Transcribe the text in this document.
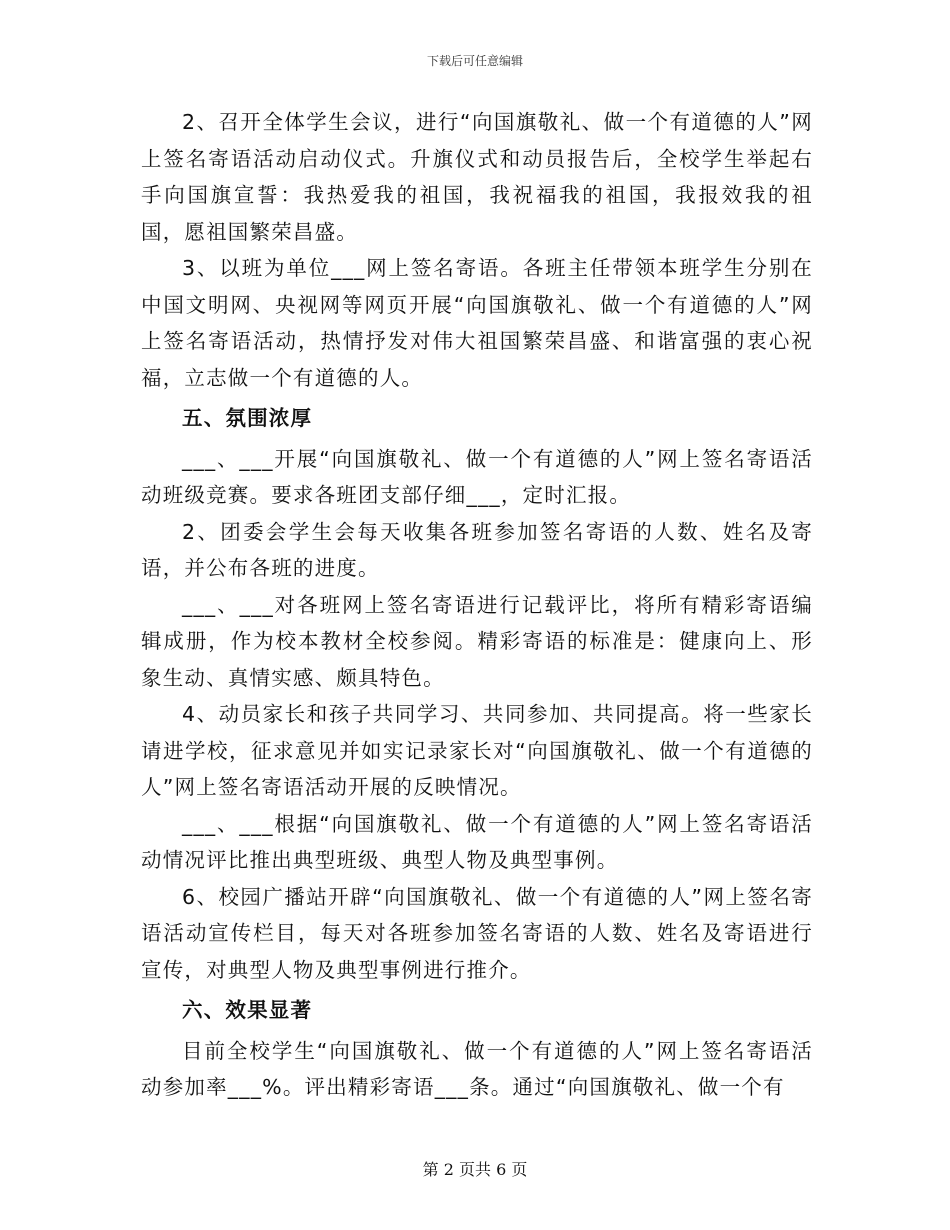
下载后可任意编辑

2、召开全体学生会议，进行“向国旗敬礼、做一个有道德的人”网上签名寄语活动启动仪式。升旗仪式和动员报告后，全校学生举起右手向国旗宣誓：我热爱我的祖国，我祝福我的祖国，我报效我的祖国，愿祖国繁荣昌盛。

3、以班为单位___网上签名寄语。各班主任带领本班学生分别在中国文明网、央视网等网页开展“向国旗敬礼、做一个有道德的人”网上签名寄语活动，热情抒发对伟大祖国繁荣昌盛、和谐富强的衷心祝福，立志做一个有道德的人。

五、氛围浓厚

___、___开展“向国旗敬礼、做一个有道德的人”网上签名寄语活动班级竞赛。要求各班团支部仔细___，定时汇报。

2、团委会学生会每天收集各班参加签名寄语的人数、姓名及寄语，并公布各班的进度。

___、___对各班网上签名寄语进行记载评比，将所有精彩寄语编辑成册，作为校本教材全校参阅。精彩寄语的标准是：健康向上、形象生动、真情实感、颇具特色。

4、动员家长和孩子共同学习、共同参加、共同提高。将一些家长请进学校，征求意见并如实记录家长对“向国旗敬礼、做一个有道德的人”网上签名寄语活动开展的反映情况。

___、___根据“向国旗敬礼、做一个有道德的人”网上签名寄语活动情况评比推出典型班级、典型人物及典型事例。

6、校园广播站开辟“向国旗敬礼、做一个有道德的人”网上签名寄语活动宣传栏目，每天对各班参加签名寄语的人数、姓名及寄语进行宣传，对典型人物及典型事例进行推介。

六、效果显著

目前全校学生“向国旗敬礼、做一个有道德的人”网上签名寄语活动参加率___%。评出精彩寄语___条。通过“向国旗敬礼、做一个有

第 2 页共 6 页
